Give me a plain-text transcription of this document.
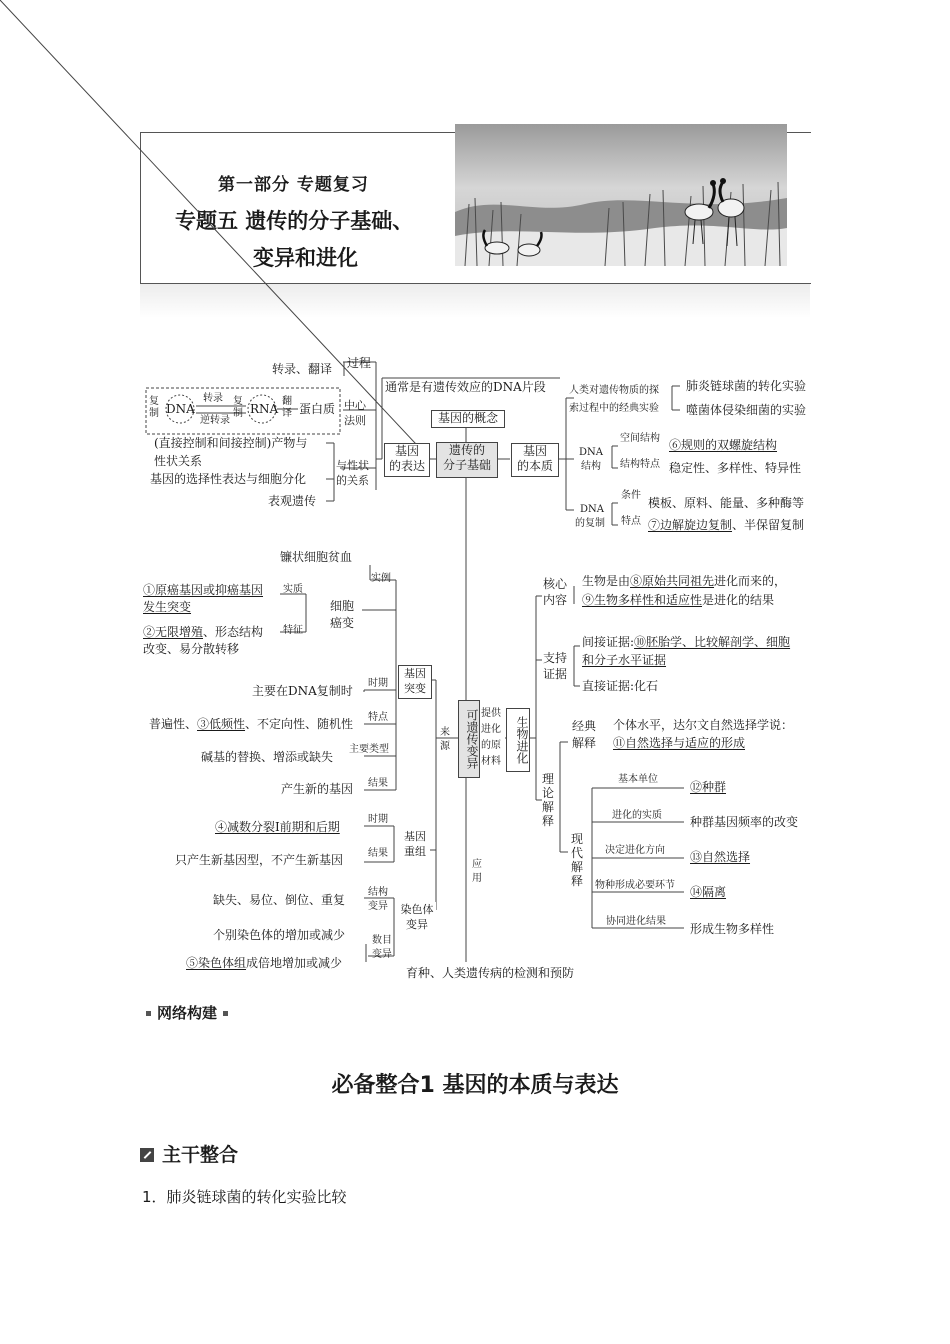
第一部分 专题复习
专题五 遗传的分子基础、
变异和进化
遗传的
分子基础
基因的概念
通常是有遗传效应的DNA片段
基因
的表达
基因
的本质
过程
转录、翻译
中心
法则
复
制 DNA
转录
逆转录
复
制 RNA
翻
译 蛋白质
与性状
的关系
(直接控制和间接控制)产物与
性状关系
基因的选择性表达与细胞分化
表观遗传
人类对遗传物质的探
索过程中的经典实验
肺炎链球菌的转化实验
噬菌体侵染细菌的实验
DNA
结构
空间结构 ⑥规则的双螺旋结构
结构特点 稳定性、多样性、特异性
DNA
的复制
条件
模板、原料、能量、多种酶等
特点 ⑦边解旋边复制、半保留复制
可遗传变异
来
源
基因
突变
实例
镰状细胞贫血
细胞
癌变
实质
①原癌基因或抑癌基因
发生突变
特征
②无限增殖、形态结构
改变、易分散转移
时期
主要在DNA复制时
特点
普遍性、③低频性、不定向性、随机性
主要类型
碱基的替换、增添或缺失
结果
产生新的基因
基因
重组
时期
④减数分裂Ⅰ前期和后期
结果
只产生新基因型，不产生新基因
染色体
变异
结构
变异
缺失、易位、倒位、重复
数目
变异
个别染色体的增加或减少
⑤染色体组成倍地增加或减少
应
用
育种、人类遗传病的检测和预防
提供
进化
的原
材料	生物进化
核心
内容
生物是由⑧原始共同祖先进化而来的，
⑨生物多样性和适应性是进化的结果
支持
证据
间接证据:⑩胚胎学、比较解剖学、细胞
和分子水平证据
直接证据:化石
经典
解释
个体水平，达尔文自然选择学说：
⑪自然选择与适应的形成
理
论
解
释
现
代
解
释
基本单位
⑫种群
进化的实质 种群基因频率的改变
决定进化方向 ⑬自然选择
物种形成必要环节 ⑭隔离
协同进化结果
形成生物多样性
网络构建
必备整合1 基因的本质与表达
主干整合
1．肺炎链球菌的转化实验比较
